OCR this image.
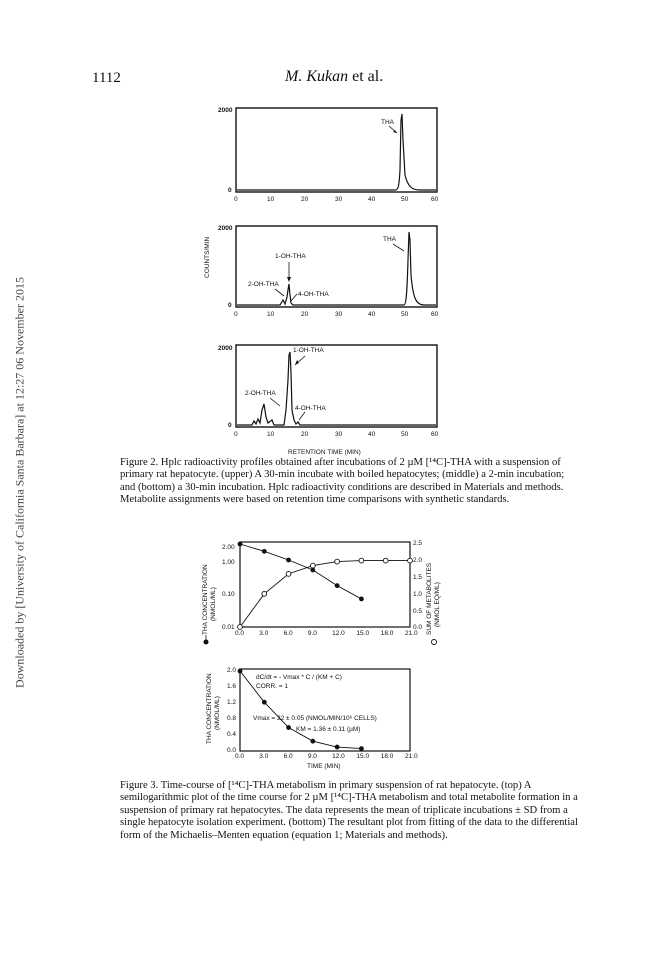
Downloaded by [University of California Santa Barbara] at 12:27 06 November 2015
1112	M. Kukan et al.
2000
0
THA
0	10	20	30	40	50	60
2000
0
THA
1-OH-THA
2-OH-THA
4-OH-THA
0	10	20	30	40	50	60
COUNTS/MIN
2000
0
1-OH-THA
2-OH-THA
4-OH-THA
0	10	20	30	40	50	60
RETENTION TIME (MIN)
Figure 2. Hplc radioactivity profiles obtained after incubations of 2 µM [¹⁴C]-THA with a suspension of primary rat hepatocyte. (upper) A 30-min incubate with boiled hepatocytes; (middle) a 2-min incubation; and (bottom) a 30-min incubation. Hplc radioactivity conditions are described in Materials and methods. Metabolite assignments were based on retention time comparisons with synthetic standards.
2.00
1.00
0.10
0.01
2.5
2.0
1.5
1.0
0.5
0.0
THA CONCENTRATION (NMOL/ML)	SUM OF METABOLITES (NMOL EQ/ML)
0.0 3.0 6.0 9.0 12.0 15.0 18.0 21.0
2.0
1.6
1.2
0.8
0.4
0.0
THA CONCENTRATION (NMOL/ML)
dC/dt = - Vmax * C / (KM + C)
CORR. = 1
Vmax = 22 ± 0.05 (NMOL/MIN/10⁶ CELLS)
KM = 1.36 ± 0.11 (µM)
0.0 3.0 6.0 9.0 12.0 15.0 18.0 21.0
TIME (MIN)
Figure 3. Time-course of [¹⁴C]-THA metabolism in primary suspension of rat hepatocyte. (top) A semilogarithmic plot of the time course for 2 µM [¹⁴C]-THA metabolism and total metabolite formation in a suspension of primary rat hepatocytes. The data represents the mean of triplicate incubations ± SD from a single hepatocyte isolation experiment. (bottom) The resultant plot from fitting of the data to the differential form of the Michaelis–Menten equation (equation 1; Materials and methods).
